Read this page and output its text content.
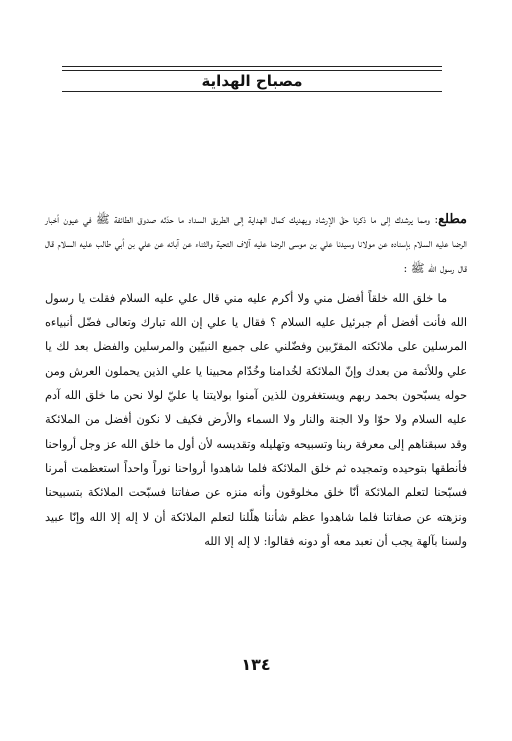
مصباح الهداية

مطلع: ومما يرشدك إلى ما ذكرنا حقّ الإرشاد ويهديك كمال الهداية إلى الطريق السداد ما حدّثه صدوق الطائفة ﷺ في عيون أخبار الرضا عليه السلام بإسناده عن مولانا وسيدنا علي بن موسى الرضا عليه آلاف التحية والثناء عن آبائه عن علي بن أبي طالب عليه السلام قال قال رسول الله ﷺ :

ما خلق الله خلقاً أفضل مني ولا أكرم عليه مني قال علي عليه السلام فقلت يا رسول الله فأنت أفضل أم جبرئيل عليه السلام ؟ فقال يا علي إن الله تبارك وتعالى فضّل أنبياءه المرسلين على ملائكته المقرّبين وفضّلني على جميع النبيّين والمرسلين والفضل بعد لك يا علي وللأئمة من بعدك وإنّ الملائكة لخُدامنا وخُدّام محبينا يا علي الذين يحملون العرش ومن حوله يسبّحون بحمد ربهم ويستغفرون للذين آمنوا بولايتنا يا عليّ لولا نحن ما خلق الله آدم عليه السلام ولا حوّا ولا الجنة والنار ولا السماء والأرض فكيف لا نكون أفضل من الملائكة وقد سبقناهم إلى معرفة ربنا وتسبيحه وتهليله وتقديسه لأن أول ما خلق الله عز وجل أرواحنا فأنطقها بتوحيده وتمجيده ثم خلق الملائكة فلما شاهدوا أرواحنا نوراً واحداً استعظمت أمرنا فسبّحنا لتعلم الملائكة أنّا خلق مخلوقون وأنه منزه عن صفاتنا فسبّحت الملائكة بتسبيحنا ونزهته عن صفاتنا فلما شاهدوا عظم شأننا هلّلنا لتعلم الملائكة أن لا إله إلا الله وإنّا عبيد ولسنا بآلهة يجب أن نعبد معه أو دونه فقالوا: لا إله إلا الله

١٣٤
